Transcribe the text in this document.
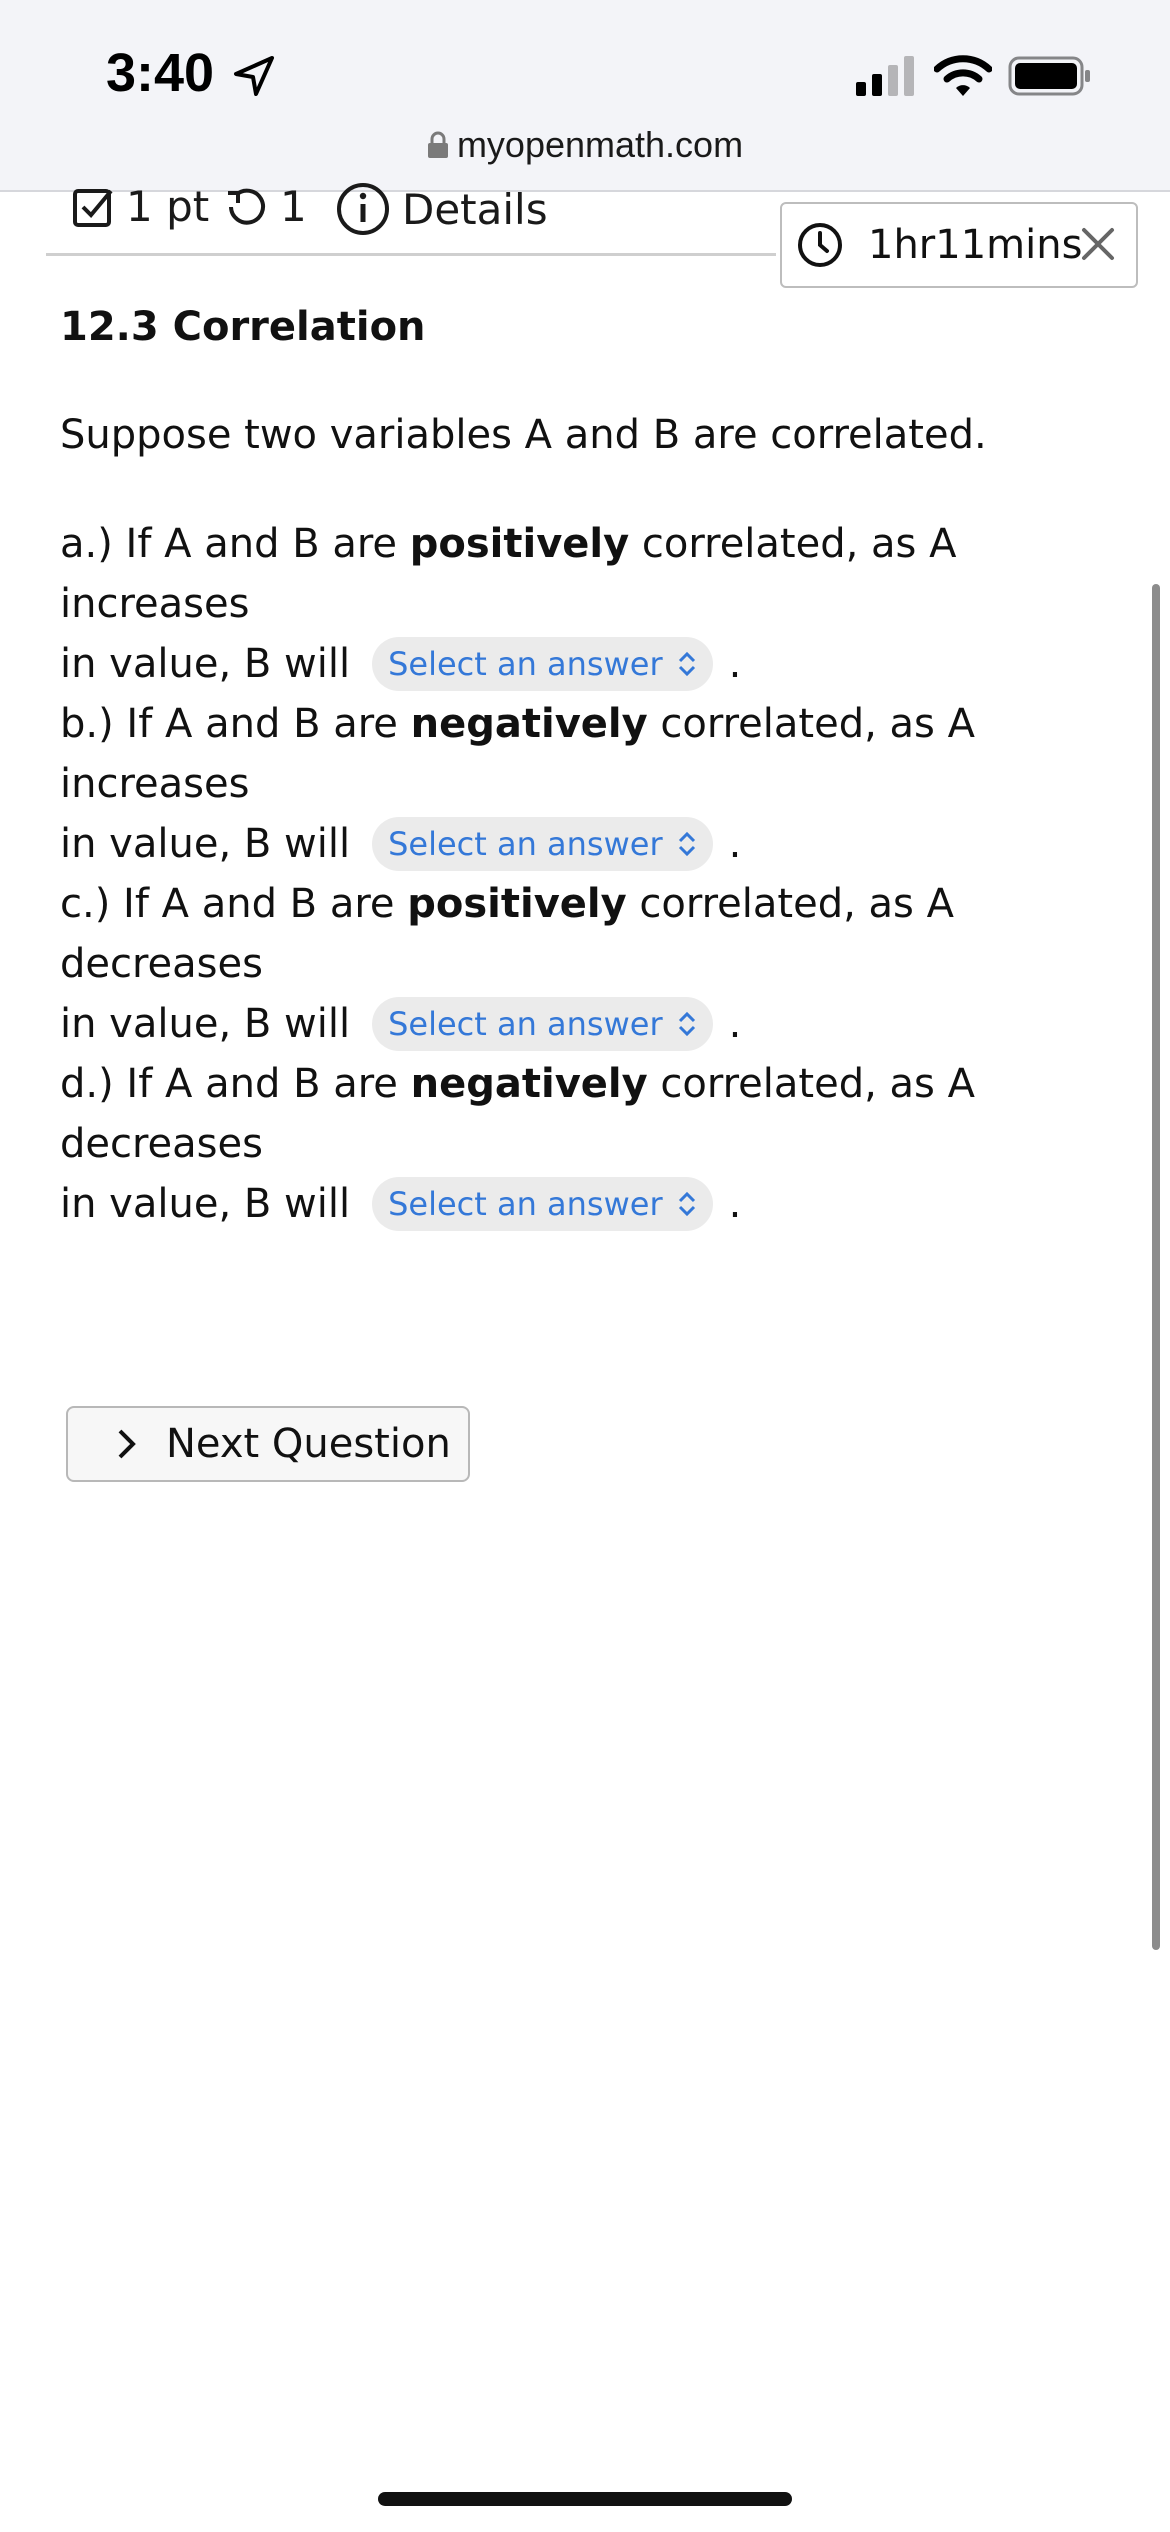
3:40
myopenmath.com
1 pt 1 Details
1hr11mins
12.3 Correlation
Suppose two variables A and B are correlated.
a.) If A and B are positively correlated, as A increases
in value, B will Select an answer .
b.) If A and B are negatively correlated, as A increases
in value, B will Select an answer .
c.) If A and B are positively correlated, as A decreases
in value, B will Select an answer .
d.) If A and B are negatively correlated, as A decreases
in value, B will Select an answer .
Next Question
